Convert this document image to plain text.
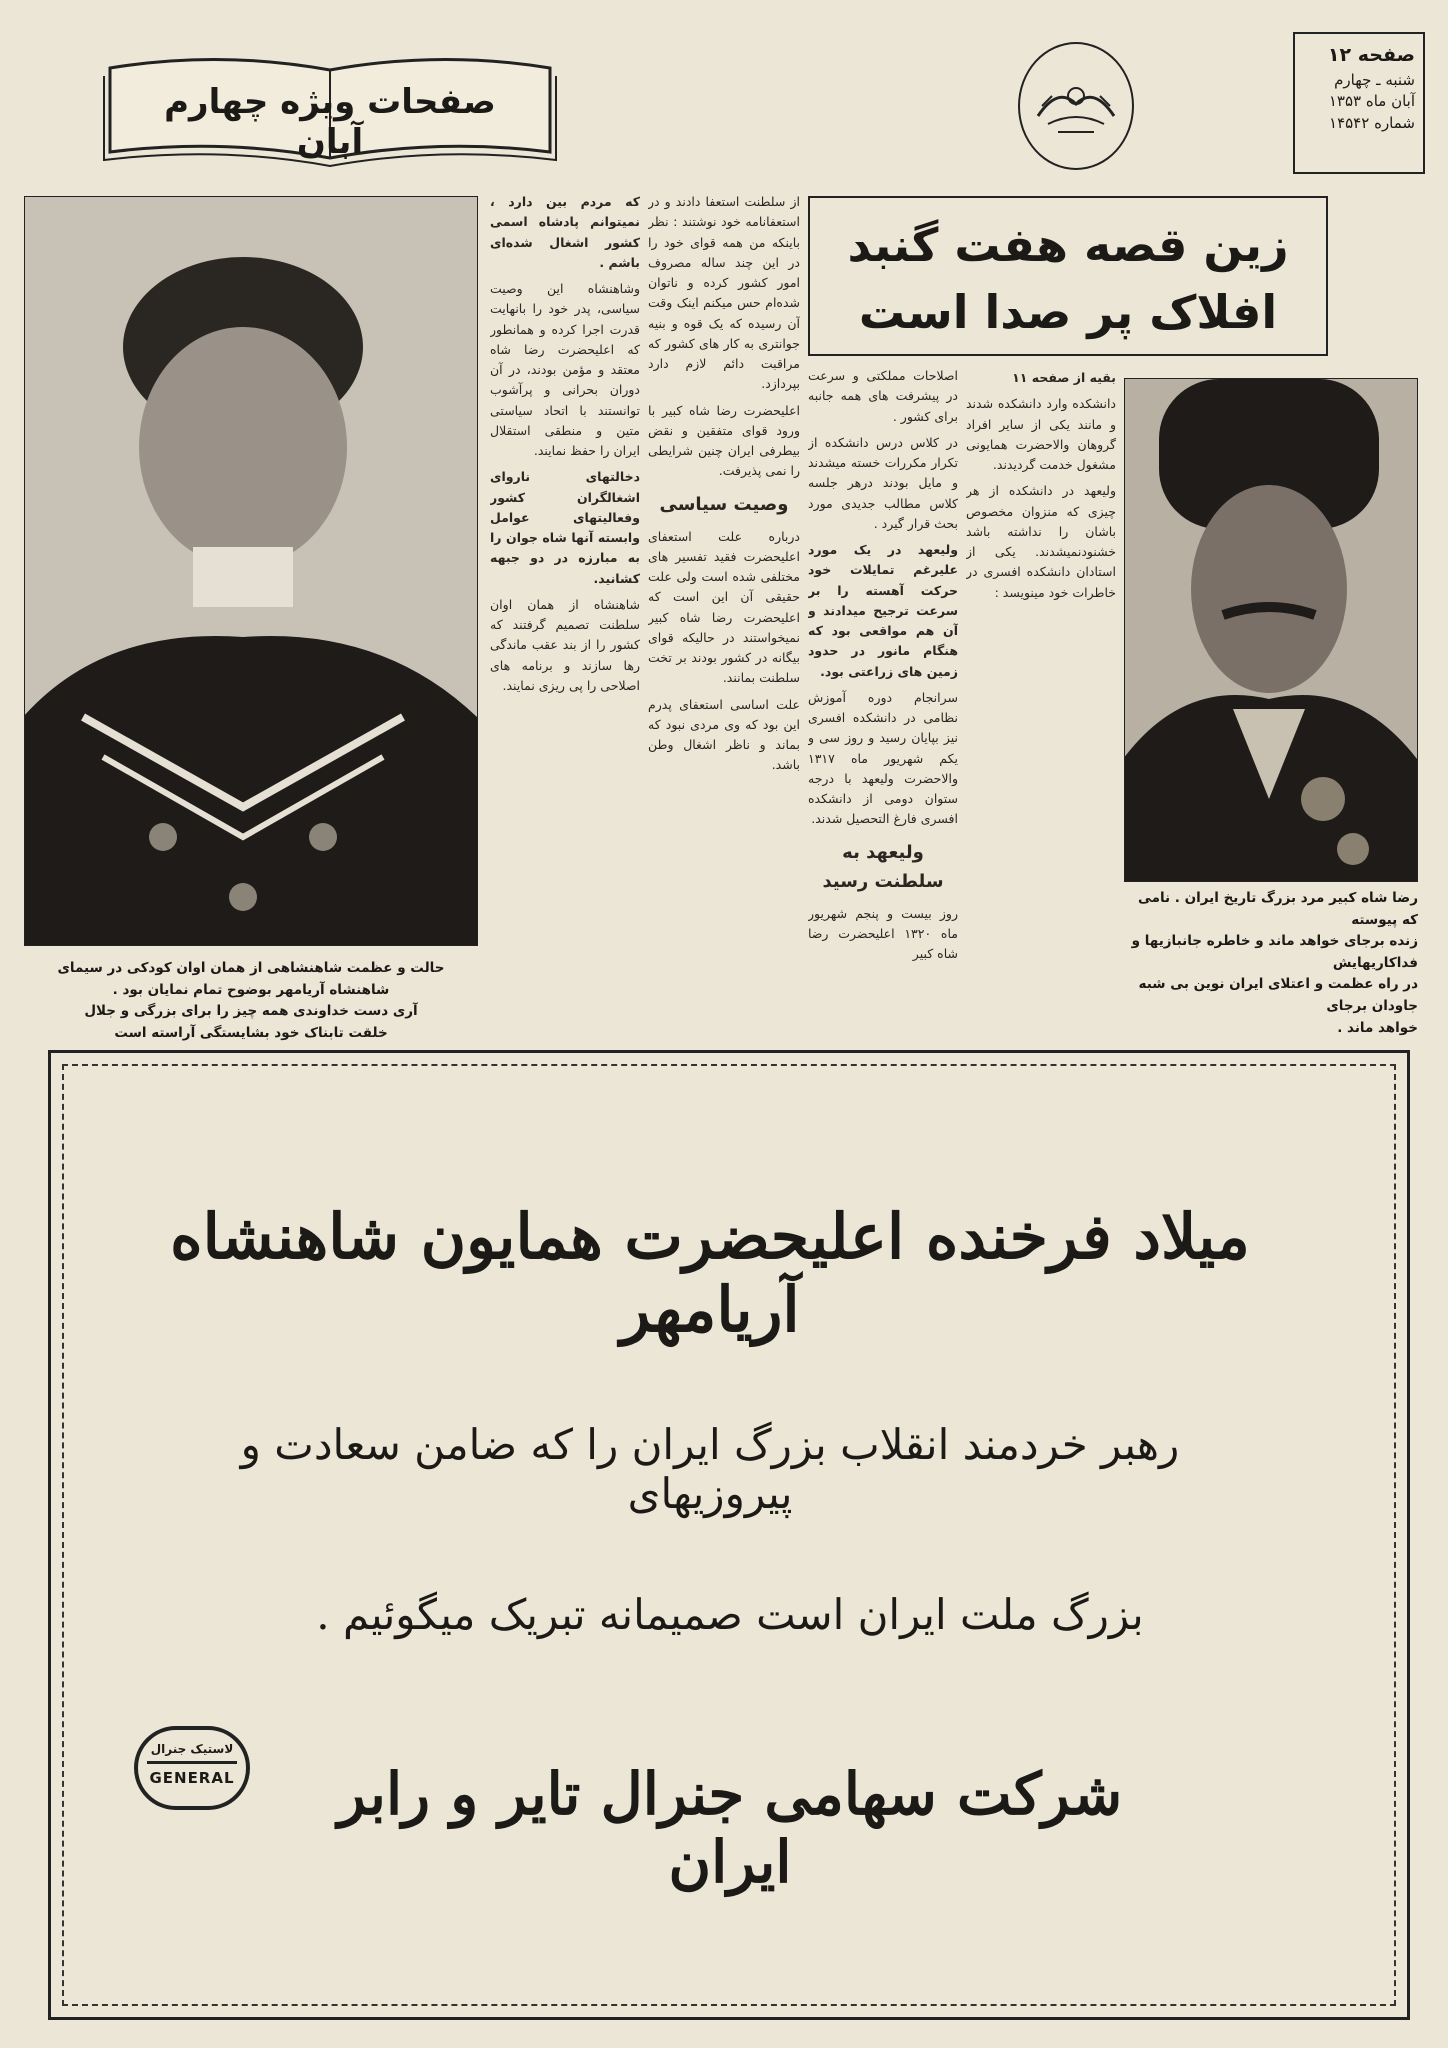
صفحه ۱۲
شنبه ـ چهارم
آبان ماه ۱۳۵۳
شماره ۱۴۵۴۲
صفحات ویژه چهارم آبان
زین قصه هفت گنبد
افلاک پر صدا است

بقیه از صفحه ۱۱

دانشکده وارد دانشکده شدند و مانند یکی از سایر افراد گروهان والاحضرت همایونی مشغول خدمت گردیدند.

ولیعهد در دانشکده از هر چیزی که منزوان مخصوص باشان را نداشته باشد خشنودنمیشدند. یکی از استادان دانشکده افسری در خاطرات خود مینویسد :

اصلاحات مملکتی و سرعت در پیشرفت های همه جانبه برای کشور .

در کلاس درس دانشکده از تکرار مکررات خسته میشدند و مایل بودند درهر جلسه کلاس مطالب جدیدی مورد بحث قرار گیرد .

ولیعهد در یک مورد علیرغم تمایلات خود حرکت آهسته را بر سرعت ترجیح میدادند و آن هم مواقعی بود که هنگام مانور در حدود زمین های زراعتی بود.

سرانجام دوره آموزش نظامی در دانشکده افسری نیز بپایان رسید و روز سی و یکم شهریور ماه ۱۳۱۷ والاحضرت ولیعهد با درجه ستوان دومی از دانشکده افسری فارغ التحصیل شدند.

ولیعهد به سلطنت رسید

روز بیست و پنجم شهریور ماه ۱۳۲۰ اعلیحضرت رضا شاه کبیر

از سلطنت استعفا دادند و در استعفانامه خود نوشتند : نظر باینکه من همه قوای خود را در این چند ساله مصروف امور کشور کرده و ناتوان شده‌ام حس میکنم اینک وقت آن رسیده که یک قوه و بنیه جوانتری به کار های کشور که مراقبت دائم لازم دارد بپردازد.

اعلیحضرت رضا شاه کبیر با ورود قوای متفقین و نقض بیطرفی ایران چنین شرایطی را نمی پذیرفت.

وصیت سیاسی

درباره علت استعفای اعلیحضرت فقید تفسیر های مختلفی شده است ولی علت حقیقی آن این است که اعلیحضرت رضا شاه کبیر نمیخواستند در حالیکه قوای بیگانه در کشور بودند بر تخت سلطنت بمانند.

علت اساسی استعفای پدرم این بود که وی مردی نبود که بماند و ناظر اشغال وطن باشد.

که مردم بین دارد ، نمیتوانم پادشاه اسمی کشور اشغال شده‌ای باشم .

وشاهنشاه این وصیت سیاسی، پدر خود را بانهایت قدرت اجرا کرده و همانطور که اعلیحضرت رضا شاه معتقد و مؤمن بودند، در آن دوران بحرانی و پرآشوب توانستند با اتحاد سیاستی متین و منطقی استقلال ایران را حفظ نمایند.

دخالتهای ناروای اشغالگران کشور وفعالیتهای عوامل وابسته آنها شاه جوان را به مبارزه در دو جبهه کشانید.

شاهنشاه از همان اوان سلطنت تصمیم گرفتند که کشور را از بند عقب ماندگی رها سازند و برنامه های اصلاحی را پی ریزی نمایند.

حالت و عظمت شاهنشاهی از همان اوان کودکی در سیمای
شاهنشاه آریامهر بوضوح تمام نمایان بود .
آری دست خداوندی همه چیز را برای بزرگی و جلال
خلقت تابناک خود بشایستگی آراسته است
رضا شاه کبیر مرد بزرگ تاریخ ایران . نامی که پیوسته
زنده برجای خواهد ماند و خاطره جانبازیها و فداکاریهایش
در راه عظمت و اعتلای ایران نوین بی شبه جاودان برجای
خواهد ماند .
میلاد فرخنده اعلیحضرت همایون شاهنشاه آریامهر
رهبر خردمند انقلاب بزرگ ایران را که ضامن سعادت و پیروزیهای
بزرگ ملت ایران است صمیمانه تبریک میگوئیم .
شرکت سهامی جنرال تایر و رابر ایران
لاستیک جنرال
GENERAL
